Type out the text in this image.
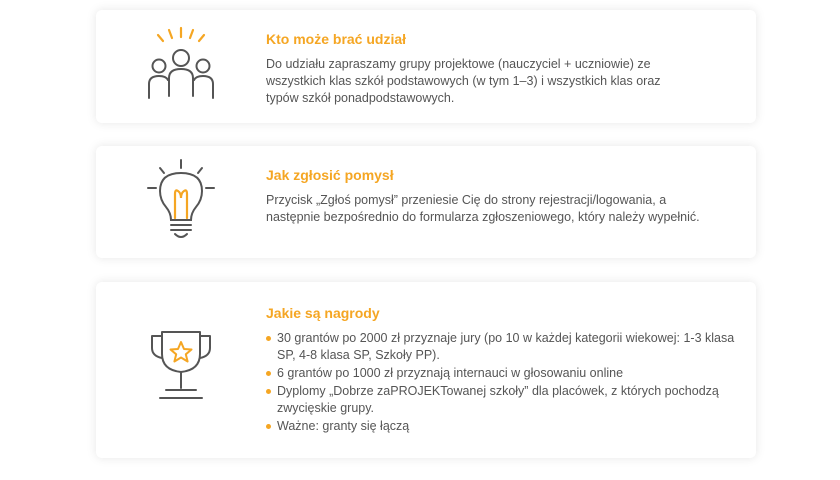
Kto może brać udział

Do udziału zapraszamy grupy projektowe (nauczyciel + uczniowie) ze wszystkich klas szkół podstawowych (w tym 1–3) i wszystkich klas oraz typów szkół ponadpodstawowych.

Jak zgłosić pomysł

Przycisk „Zgłoś pomysł” przeniesie Cię do strony rejestracji/logowania, a następnie bezpośrednio do formularza zgłoszeniowego, który należy wypełnić.

Jakie są nagrody
30 grantów po 2000 zł przyznaje jury (po 10 w każdej kategorii wiekowej: 1-3 klasa SP, 4-8 klasa SP, Szkoły PP).
6 grantów po 1000 zł przyznają internauci w głosowaniu online
Dyplomy „Dobrze zaPROJEKTowanej szkoły” dla placówek, z których pochodzą zwycięskie grupy.
Ważne: granty się łączą
